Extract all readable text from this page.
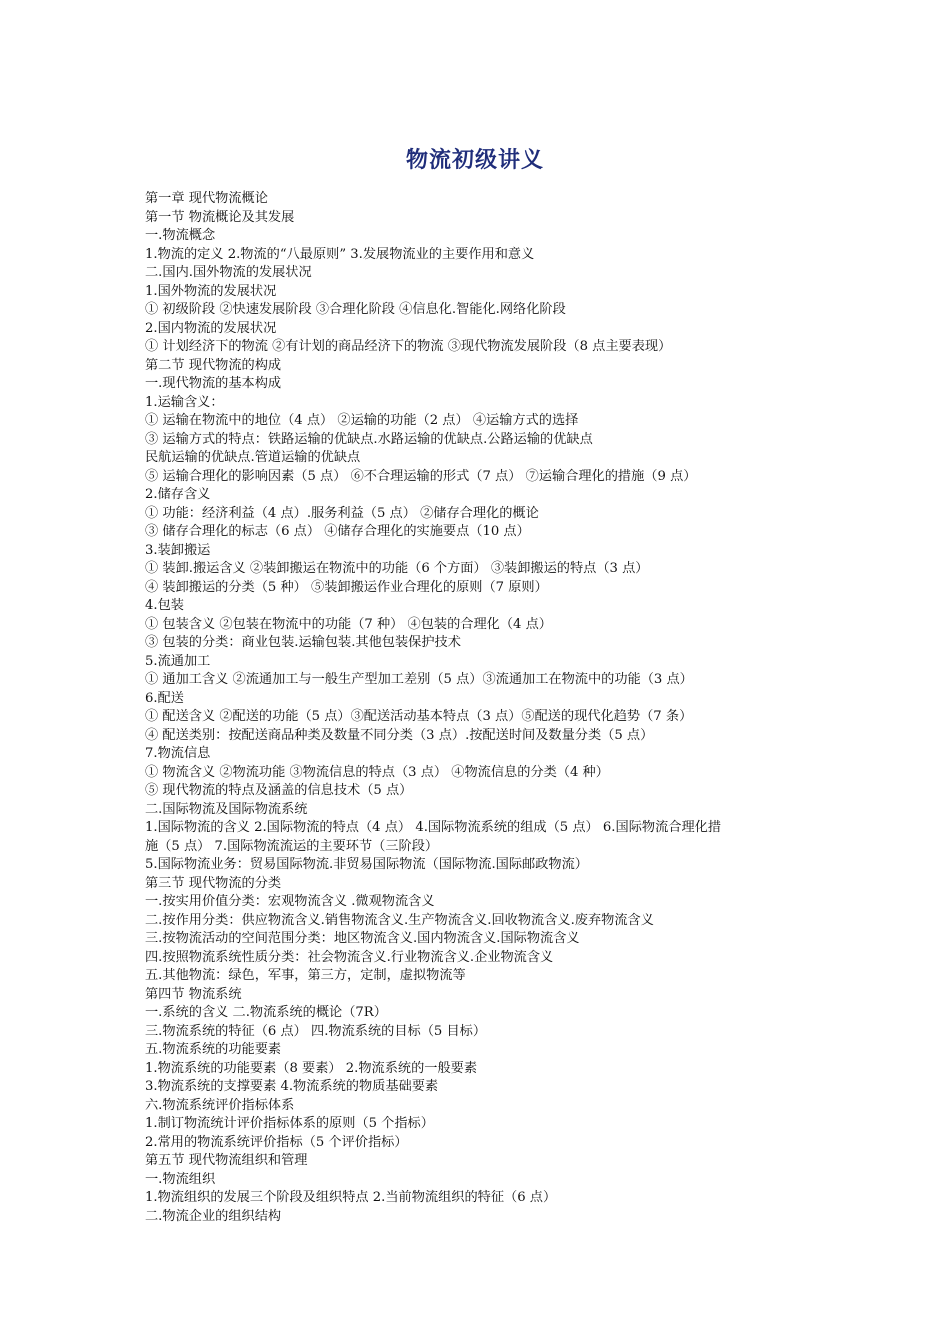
物流初级讲义
第一章 现代物流概论
第一节 物流概论及其发展
一.物流概念
1.物流的定义 2.物流的“八最原则” 3.发展物流业的主要作用和意义
二.国内.国外物流的发展状况
1.国外物流的发展状况
① 初级阶段 ②快速发展阶段 ③合理化阶段 ④信息化.智能化.网络化阶段
2.国内物流的发展状况
① 计划经济下的物流 ②有计划的商品经济下的物流 ③现代物流发展阶段（8 点主要表现）
第二节 现代物流的构成
一.现代物流的基本构成
1.运输含义：
① 运输在物流中的地位（4 点） ②运输的功能（2 点） ④运输方式的选择
③ 运输方式的特点：铁路运输的优缺点.水路运输的优缺点.公路运输的优缺点
民航运输的优缺点.管道运输的优缺点
⑤ 运输合理化的影响因素（5 点） ⑥不合理运输的形式（7 点） ⑦运输合理化的措施（9 点）
2.储存含义
① 功能：经济利益（4 点）.服务利益（5 点） ②储存合理化的概论
③ 储存合理化的标志（6 点） ④储存合理化的实施要点（10 点）
3.装卸搬运
① 装卸.搬运含义 ②装卸搬运在物流中的功能（6 个方面） ③装卸搬运的特点（3 点）
④ 装卸搬运的分类（5 种） ⑤装卸搬运作业合理化的原则（7 原则）
4.包装
① 包装含义 ②包装在物流中的功能（7 种） ④包装的合理化（4 点）
③ 包装的分类：商业包装.运输包装.其他包装保护技术
5.流通加工
① 通加工含义 ②流通加工与一般生产型加工差别（5 点）③流通加工在物流中的功能（3 点）
6.配送
① 配送含义 ②配送的功能（5 点）③配送活动基本特点（3 点）⑤配送的现代化趋势（7 条）
④ 配送类别：按配送商品种类及数量不同分类（3 点）.按配送时间及数量分类（5 点）
7.物流信息
① 物流含义 ②物流功能 ③物流信息的特点（3 点） ④物流信息的分类（4 种）
⑤ 现代物流的特点及涵盖的信息技术（5 点）
二.国际物流及国际物流系统
1.国际物流的含义 2.国际物流的特点（4 点） 4.国际物流系统的组成（5 点） 6.国际物流合理化措
施（5 点） 7.国际物流流运的主要环节（三阶段）
5.国际物流业务：贸易国际物流.非贸易国际物流（国际物流.国际邮政物流）
第三节 现代物流的分类
一.按实用价值分类：宏观物流含义 .微观物流含义
二.按作用分类：供应物流含义.销售物流含义.生产物流含义.回收物流含义.废弃物流含义
三.按物流活动的空间范围分类：地区物流含义.国内物流含义.国际物流含义
四.按照物流系统性质分类：社会物流含义.行业物流含义.企业物流含义
五.其他物流：绿色，军事，第三方，定制，虚拟物流等
第四节 物流系统
一.系统的含义 二.物流系统的概论（7R）
三.物流系统的特征（6 点） 四.物流系统的目标（5 目标）
五.物流系统的功能要素
1.物流系统的功能要素（8 要素） 2.物流系统的一般要素
3.物流系统的支撑要素 4.物流系统的物质基础要素
六.物流系统评价指标体系
1.制订物流统计评价指标体系的原则（5 个指标）
2.常用的物流系统评价指标（5 个评价指标）
第五节 现代物流组织和管理
一.物流组织
1.物流组织的发展三个阶段及组织特点 2.当前物流组织的特征（6 点）
二.物流企业的组织结构
